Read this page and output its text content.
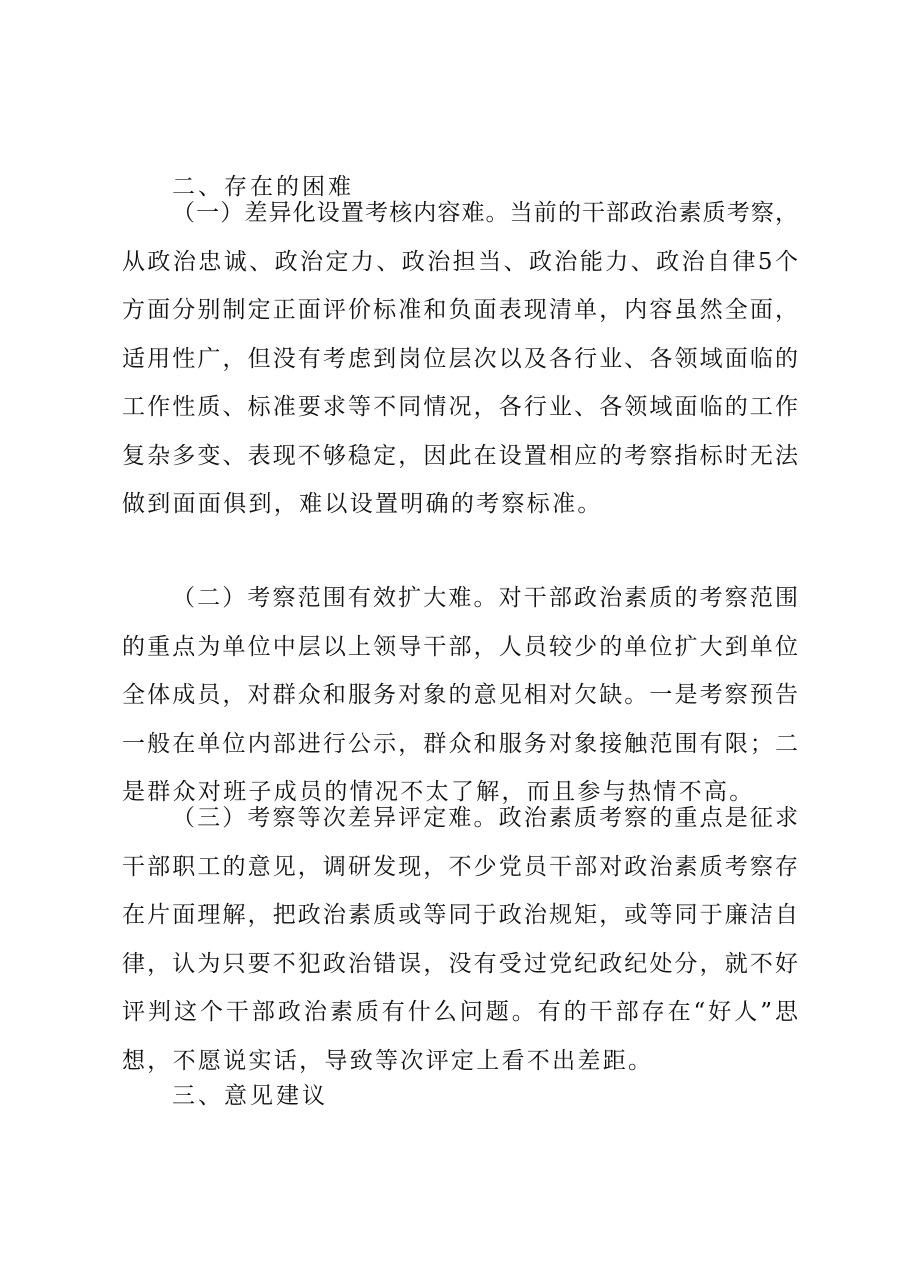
二、存在的困难
（一）差异化设置考核内容难。当前的干部政治素质考察，
从政治忠诚、政治定力、政治担当、政治能力、政治自律5个
方面分别制定正面评价标准和负面表现清单，内容虽然全面，
适用性广，但没有考虑到岗位层次以及各行业、各领域面临的
工作性质、标准要求等不同情况，各行业、各领域面临的工作
复杂多变、表现不够稳定，因此在设置相应的考察指标时无法
做到面面俱到，难以设置明确的考察标准。
（二）考察范围有效扩大难。对干部政治素质的考察范围
的重点为单位中层以上领导干部，人员较少的单位扩大到单位
全体成员，对群众和服务对象的意见相对欠缺。一是考察预告
一般在单位内部进行公示，群众和服务对象接触范围有限；二
是群众对班子成员的情况不太了解，而且参与热情不高。
（三）考察等次差异评定难。政治素质考察的重点是征求
干部职工的意见，调研发现，不少党员干部对政治素质考察存
在片面理解，把政治素质或等同于政治规矩，或等同于廉洁自
律，认为只要不犯政治错误，没有受过党纪政纪处分，就不好
评判这个干部政治素质有什么问题。有的干部存在“好人”思
想，不愿说实话，导致等次评定上看不出差距。
三、意见建议
